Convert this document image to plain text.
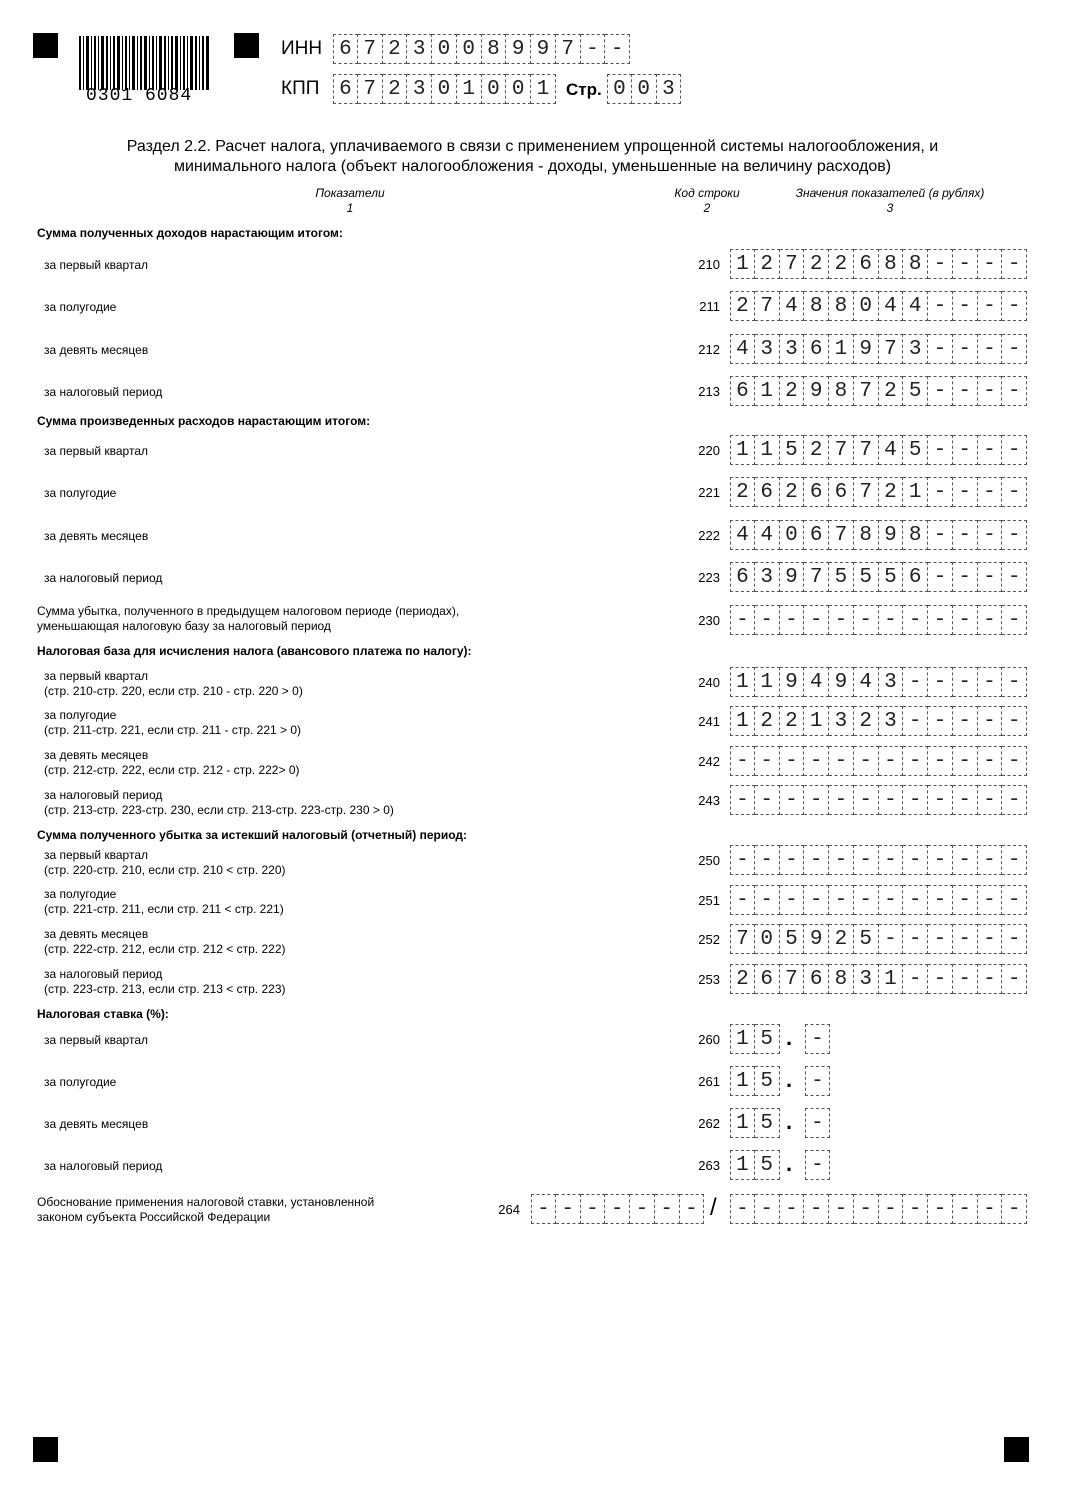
0301 6084
ИНН 6 7 2 3 0 0 8 9 9 7 - -
КПП 6 7 2 3 0 1 0 0 1 Стр. 0 0 3
Раздел 2.2. Расчет налога, уплачиваемого в связи с применением упрощенной системы налогообложения, и
минимального налога (объект налогообложения - доходы, уменьшенные на величину расходов)
Показатели
1
Код строки
2
Значения показателей (в рублях)
3
Сумма полученных доходов нарастающим итогом:
за первый квартал	210 1 2 7 2 2 6 8 8 - - - -
за полугодие	211 2 7 4 8 8 0 4 4 - - - -
за девять месяцев	212 4 3 3 6 1 9 7 3 - - - -
за налоговый период	213 6 1 2 9 8 7 2 5 - - - -
Сумма произведенных расходов нарастающим итогом:
за первый квартал	220 1 1 5 2 7 7 4 5 - - - -
за полугодие	221 2 6 2 6 6 7 2 1 - - - -
за девять месяцев	222 4 4 0 6 7 8 9 8 - - - -
за налоговый период	223 6 3 9 7 5 5 5 6 - - - -
Сумма убытка, полученного в предыдущем налоговом периоде (периодах),
уменьшающая налоговую базу за налоговый период	230 - - - - - - - - - - - -
Налоговая база для исчисления налога (авансового платежа по налогу):
за первый квартал
(стр. 210-стр. 220, если стр. 210 - стр. 220 > 0)
240 1 1 9 4 9 4 3 - - - - -
за полугодие
(стр. 211-стр. 221, если стр. 211 - стр. 221 > 0)
241 1 2 2 1 3 2 3 - - - - -
за девять месяцев
(стр. 212-стр. 222, если стр. 212 - стр. 222> 0)
242 - - - - - - - - - - - -
за налоговый период
(стр. 213-стр. 223-стр. 230, если стр. 213-стр. 223-стр. 230 > 0)
243 - - - - - - - - - - - -
Сумма полученного убытка за истекший налоговый (отчетный) период:
за первый квартал
(стр. 220-стр. 210, если стр. 210 < стр. 220)
250 - - - - - - - - - - - -
за полугодие
(стр. 221-стр. 211, если стр. 211 < стр. 221)
251 - - - - - - - - - - - -
за девять месяцев
(стр. 222-стр. 212, если стр. 212 < стр. 222)
252 7 0 5 9 2 5 - - - - - -
за налоговый период
(стр. 223-стр. 213, если стр. 213 < стр. 223)
253 2 6 7 6 8 3 1 - - - - -
Налоговая ставка (%):
за первый квартал	260 1 5 . -
за полугодие	261 1 5 . -
за девять месяцев	262 1 5 . -
за налоговый период	263 1 5 . -
Обоснование применения налоговой ставки, установленной
законом субъекта Российской Федерации	264 - - - - - - - / - - - - - - - - - - - -
